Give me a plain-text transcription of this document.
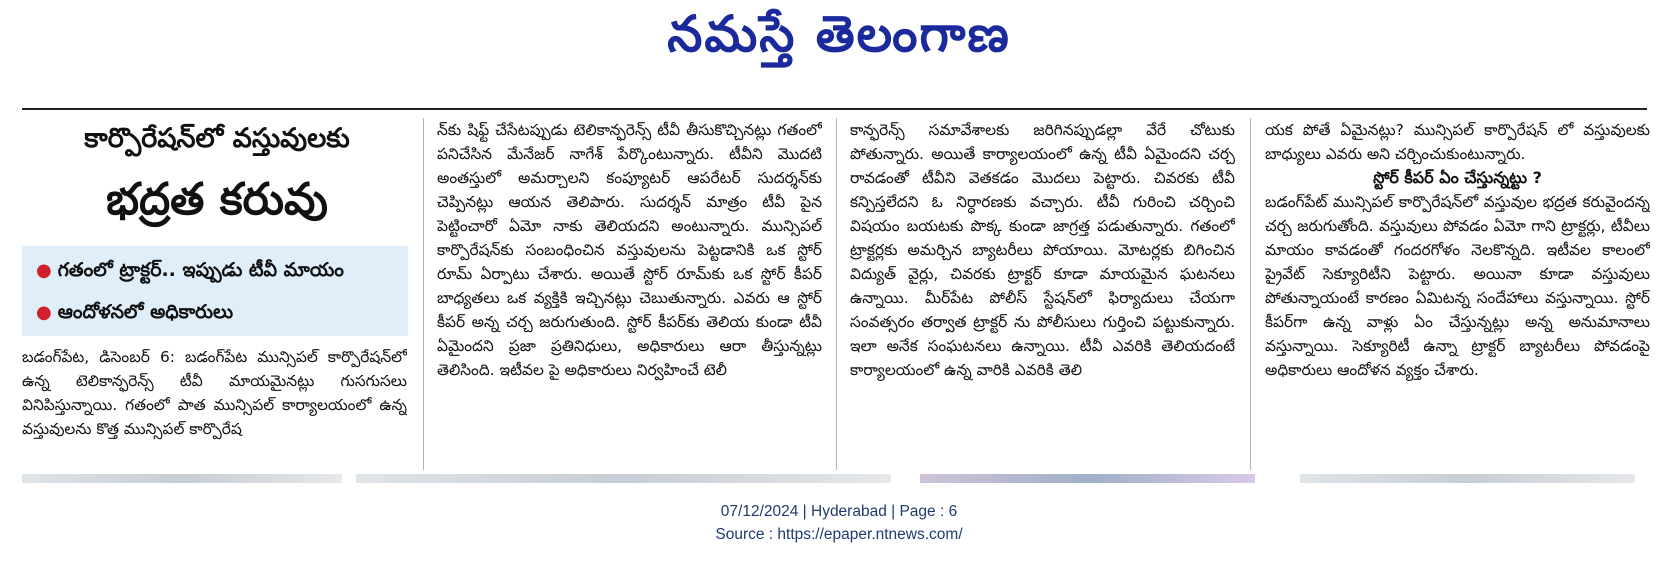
నమస్తే తెలంగాణ
కార్పొరేషన్‌లో వస్తువులకు
భద్రత కరువు
● గతంలో ట్రాక్టర్.. ఇప్పుడు టీవీ మాయం
● ఆందోళనలో అధికారులు

బడంగ్‌పేట, డిసెంబర్ 6: బడంగ్‌పేట మున్సిపల్ కార్పొరేషన్‌లో ఉన్న టెలికాన్ఫరెన్స్ టీవీ మాయమైనట్లు గుసగుసలు వినిపిస్తున్నాయి. గతంలో పాత మున్సిపల్ కార్యాలయంలో ఉన్న వస్తువులను కొత్త మున్సిపల్ కార్పొరేష

న్‌కు షిఫ్ట్ చేసేటప్పుడు టెలికాన్ఫరెన్స్ టీవీ తీసుకొచ్చినట్లు గతంలో పనిచేసిన మేనేజర్ నాగేశ్ పేర్కొంటున్నారు. టీవీని మొదటి అంతస్తులో అమర్చాలని కంప్యూటర్ ఆపరేటర్ సుదర్శన్‌కు చెప్పినట్లు ఆయన తెలిపారు. సుదర్శన్ మాత్రం టీవీ పైన పెట్టించారో ఏమో నాకు తెలియదని అంటున్నారు. మున్సిపల్ కార్పొరేషన్‌కు సంబంధించిన వస్తువులను పెట్టడానికి ఒక స్టోర్ రూమ్ ఏర్పాటు చేశారు. అయితే స్టోర్ రూమ్‌కు ఒక స్టోర్ కీపర్ బాధ్యతలు ఒక వ్యక్తికి ఇచ్చినట్లు చెబుతున్నారు. ఎవరు ఆ స్టోర్ కీపర్ అన్న చర్చ జరుగుతుంది. స్టోర్ కీపర్‌కు తెలియ కుండా టీవీ ఏమైందని ప్రజా ప్రతినిధులు, అధికారులు ఆరా తీస్తున్నట్లు తెలిసింది. ఇటీవల పై అధికారులు నిర్వహించే టెలీ

కాన్ఫరెన్స్ సమావేశాలకు జరిగినప్పుడల్లా వేరే చోటుకు పోతున్నారు. అయితే కార్యాలయంలో ఉన్న టీవీ ఏమైందని చర్చ రావడంతో టీవీని వెతకడం మొదలు పెట్టారు. చివరకు టీవీ కన్పిస్తలేదని ఓ నిర్ధారణకు వచ్చారు. టీవీ గురించి చర్చించి విషయం బయటకు పొక్క కుండా జాగ్రత్త పడుతున్నారు. గతంలో ట్రాక్టర్లకు అమర్చిన బ్యాటరీలు పోయాయి. మోటర్లకు బిగించిన విద్యుత్ వైర్లు, చివరకు ట్రాక్టర్ కూడా మాయమైన ఘటనలు ఉన్నాయి. మీర్‌పేట పోలీస్ స్టేషన్‌లో ఫిర్యాదులు చేయగా సంవత్సరం తర్వాత ట్రాక్టర్ ను పోలీసులు గుర్తించి పట్టుకున్నారు. ఇలా అనేక సంఘటనలు ఉన్నాయి. టీవీ ఎవరికి తెలియదంటే కార్యాలయంలో ఉన్న వారికి ఎవరికి తెలి

యక పోతే ఏమైనట్లు? మున్సిపల్ కార్పొరేషన్ లో వస్తువులకు బాధ్యులు ఎవరు అని చర్చించుకుంటున్నారు.

స్టోర్ కీపర్ ఏం చేస్తున్నట్టు ?

బడంగ్‌పేట్ మున్సిపల్ కార్పొరేషన్‌లో వస్తువుల భద్రత కరువైందన్న చర్చ జరుగుతోంది. వస్తువులు పోవడం ఏమో గాని ట్రాక్టర్లు, టీవీలు మాయం కావడంతో గందరగోళం నెలకొన్నది. ఇటీవల కాలంలో ప్రైవేట్ సెక్యూరిటీని పెట్టారు. అయినా కూడా వస్తువులు పోతున్నాయంటే కారణం ఏమిటన్న సందేహాలు వస్తున్నాయి. స్టోర్ కీపర్‌గా ఉన్న వాళ్లు ఏం చేస్తున్నట్లు అన్న అనుమానాలు వస్తున్నాయి. సెక్యూరిటీ ఉన్నా ట్రాక్టర్ బ్యాటరీలు పోవడంపై అధికారులు ఆందోళన వ్యక్తం చేశారు.

07/12/2024 | Hyderabad | Page : 6
Source : https://epaper.ntnews.com/
